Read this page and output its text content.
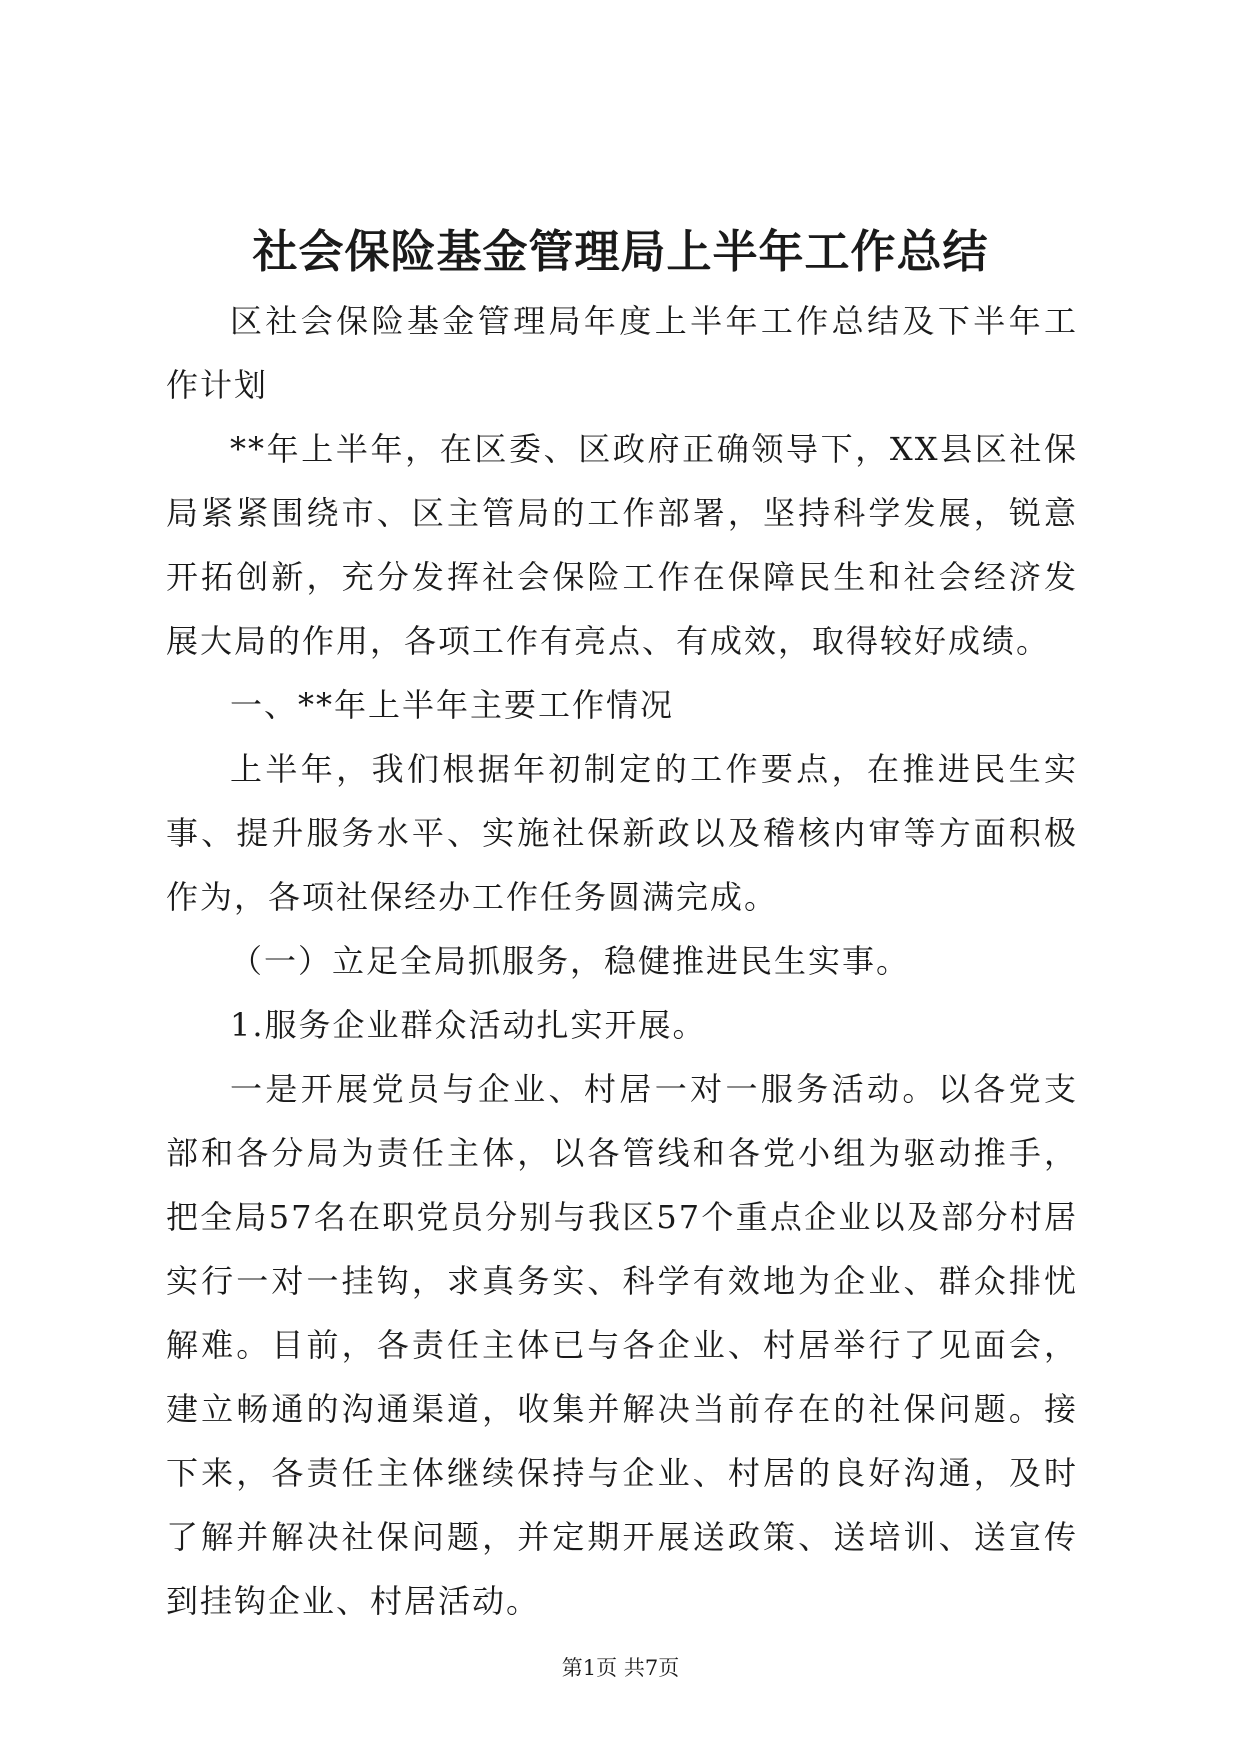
社会保险基金管理局上半年工作总结

区社会保险基金管理局年度上半年工作总结及下半年工作计划

**年上半年，在区委、区政府正确领导下，XX县区社保局紧紧围绕市、区主管局的工作部署，坚持科学发展，锐意开拓创新，充分发挥社会保险工作在保障民生和社会经济发展大局的作用，各项工作有亮点、有成效，取得较好成绩。

一、**年上半年主要工作情况

上半年，我们根据年初制定的工作要点，在推进民生实事、提升服务水平、实施社保新政以及稽核内审等方面积极作为，各项社保经办工作任务圆满完成。

（一）立足全局抓服务，稳健推进民生实事。

1.服务企业群众活动扎实开展。

一是开展党员与企业、村居一对一服务活动。以各党支部和各分局为责任主体，以各管线和各党小组为驱动推手，把全局57名在职党员分别与我区57个重点企业以及部分村居实行一对一挂钩，求真务实、科学有效地为企业、群众排忧解难。目前，各责任主体已与各企业、村居举行了见面会，建立畅通的沟通渠道，收集并解决当前存在的社保问题。接下来，各责任主体继续保持与企业、村居的良好沟通，及时了解并解决社保问题，并定期开展送政策、送培训、送宣传到挂钩企业、村居活动。

第1页 共7页
